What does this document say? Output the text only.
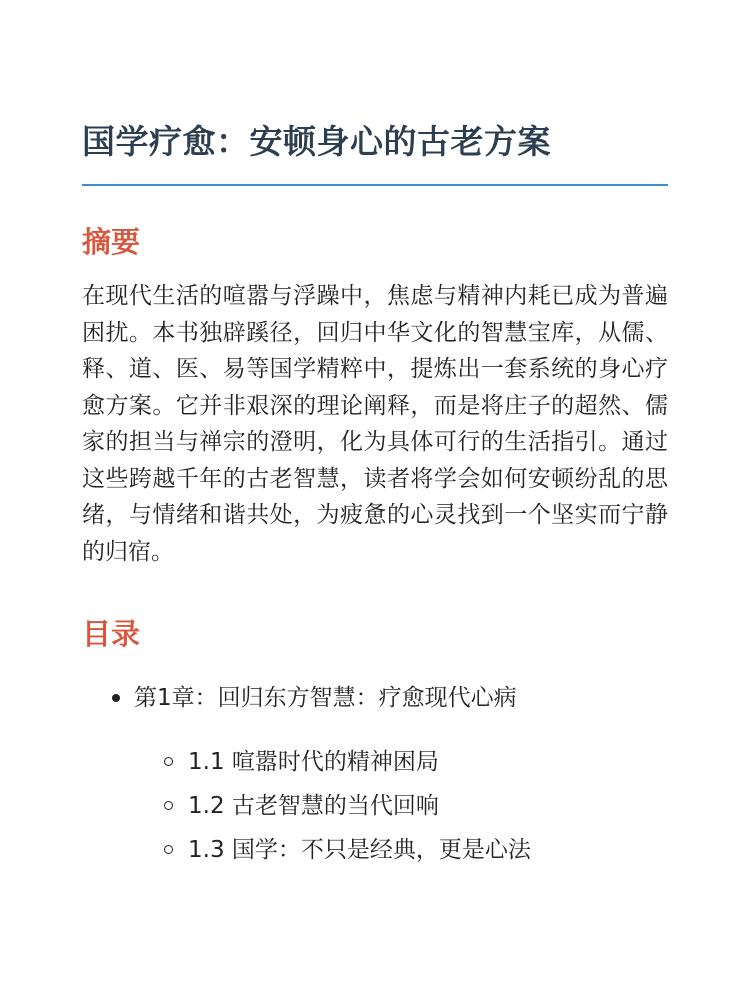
国学疗愈：安顿身心的古老方案
摘要

在现代生活的喧嚣与浮躁中，焦虑与精神内耗已成为普遍困扰。本书独辟蹊径，回归中华文化的智慧宝库，从儒、释、道、医、易等国学精粹中，提炼出一套系统的身心疗愈方案。它并非艰深的理论阐释，而是将庄子的超然、儒家的担当与禅宗的澄明，化为具体可行的生活指引。通过这些跨越千年的古老智慧，读者将学会如何安顿纷乱的思绪，与情绪和谐共处，为疲惫的心灵找到一个坚实而宁静的归宿。

目录
第1章：回归东方智慧：疗愈现代心病
1.1 喧嚣时代的精神困局
1.2 古老智慧的当代回响
1.3 国学：不只是经典，更是心法
